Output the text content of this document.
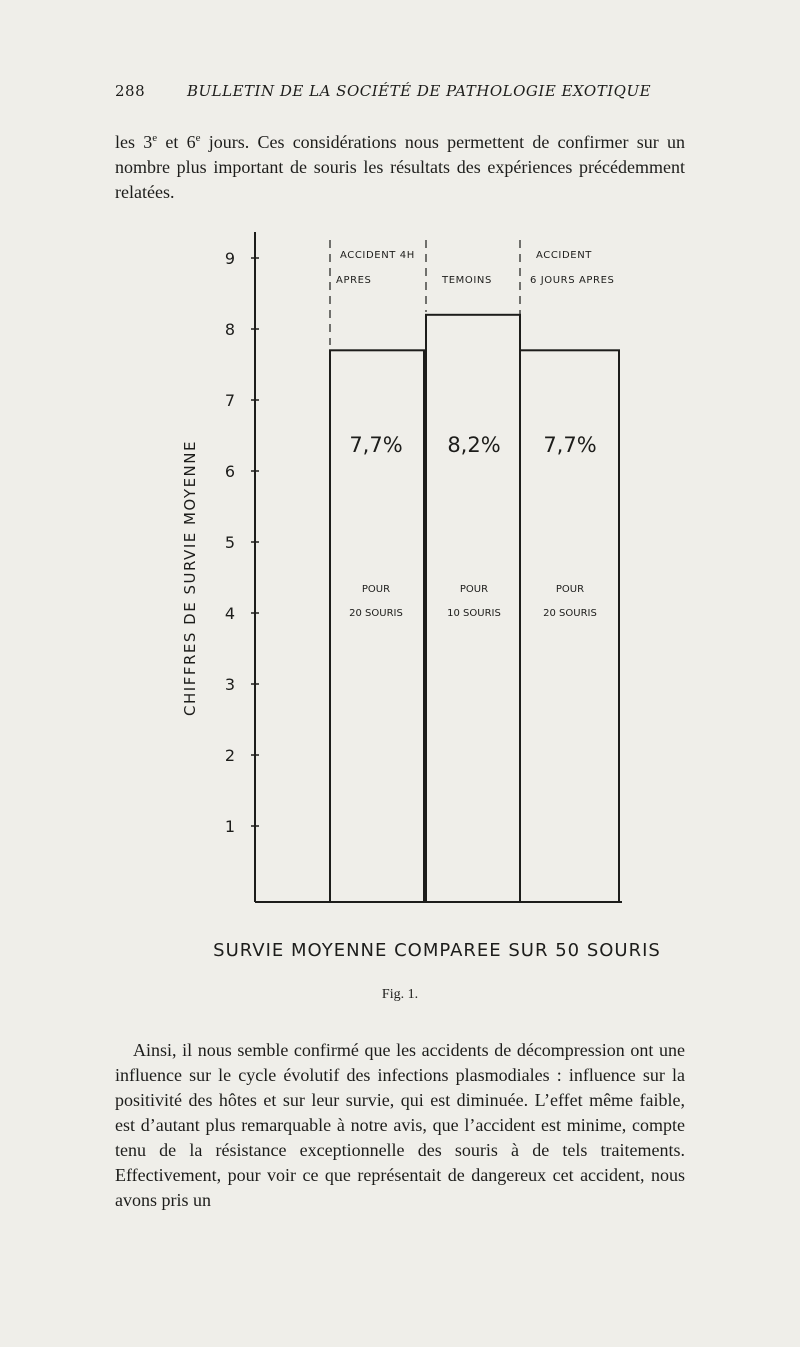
288	BULLETIN DE LA SOCIÉTÉ DE PATHOLOGIE EXOTIQUE
les 3e et 6e jours. Ces considérations nous permettent de confirmer sur un nombre plus important de souris les résultats des expériences précédemment relatées.
1
2
3
4
5
6
7
8
9	ACCIDENT 4H
APRES	TEMOINS
ACCIDENT
6 JOURS APRES
7,7% 8,2% 7,7%
POUR
20 SOURIS
POUR
10 SOURIS
POUR
20 SOURIS
CHIFFRES DE SURVIE MOYENNE
SURVIE MOYENNE COMPAREE SUR 50 SOURIS
Fig. 1.
Ainsi, il nous semble confirmé que les accidents de décompression ont une influence sur le cycle évolutif des infections plasmodiales : influence sur la positivité des hôtes et sur leur survie, qui est diminuée. L’effet même faible, est d’autant plus remarquable à notre avis, que l’accident est minime, compte tenu de la résistance exceptionnelle des souris à de tels traitements. Effectivement, pour voir ce que représentait de dangereux cet accident, nous avons pris un
